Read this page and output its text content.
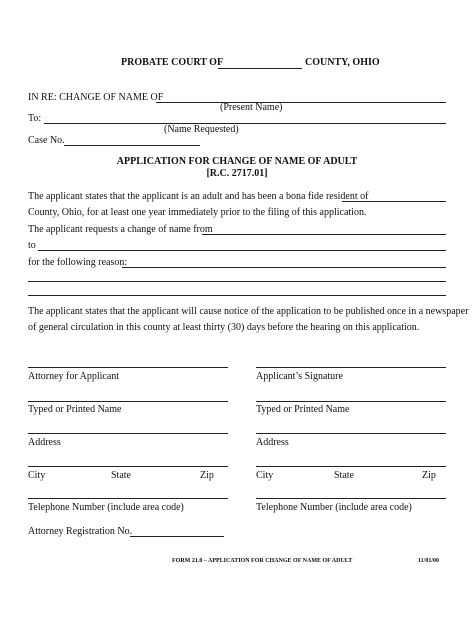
PROBATE COURT OF	COUNTY, OHIO
IN RE: CHANGE OF NAME OF
(Present Name)
To:
(Name Requested)
Case No.
APPLICATION FOR CHANGE OF NAME OF ADULT
[R.C. 2717.01]
The applicant states that the applicant is an adult and has been a bona fide resident of
County, Ohio, for at least one year immediately prior to the filing of this application.
The applicant requests a change of name from
to
for the following reason:
The applicant states that the applicant will cause notice of the application to be published once in a newspaper
of general circulation in this county at least thirty (30) days before the hearing on this application.
Attorney for Applicant
Typed or Printed Name
Address
City	State	Zip
Telephone Number (include area code)
Attorney Registration No.
Applicant’s Signature
Typed or Printed Name
Address
City	State	Zip
Telephone Number (include area code)
FORM 21.0 – APPLICATION FOR CHANGE OF NAME OF ADULT	11/01/00
